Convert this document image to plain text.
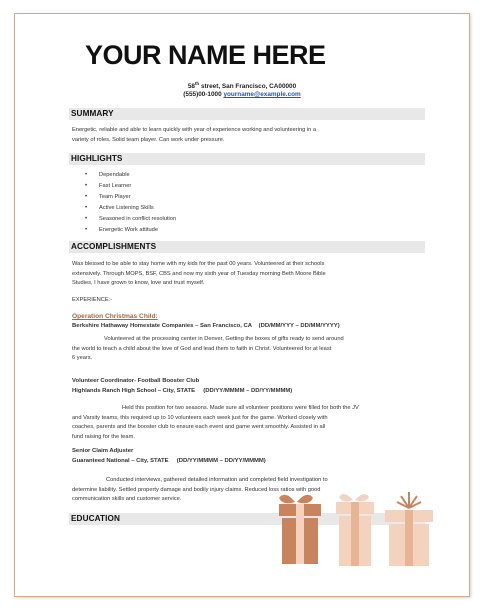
YOUR NAME HERE
58th street, San Francisco, CA00000
(555)00-1000 yourname@example.com
SUMMARY
Energetic, reliable and able to learn quickly with year of experience working and volunteering in a
variety of roles. Solid team player. Can work under pressure.
HIGHLIGHTS
• Dependable
• Fast Learner
• Team Player
• Active Listening Skills
• Seasoned in conflict resolution
• Energetic Work attitude
ACCOMPLISHMENTS
Was blessed to be able to stay home with my kids for the past 00 years. Volunteered at their schools
extensively. Through MOPS, BSF, CBS and now my sixth year of Tuesday morning Beth Moore Bible
Studies, I have grown to know, love and trust myself.
EXPERIENCE:-
Operation Christmas Child:
Berkshire Hathaway Homestate Companies – San Francisco, CA (DD/MM/YYY – DD/MM/YYYY)
Volunteered at the processing center in Denver, Getting the boxes of gifts ready to send around
the world to teach a child about the love of God and lead them to faith in Christ. Volunteered for at least
6 years.
Volunteer Coordinator- Football Booster Club
Highlands Ranch High School – City, STATE (DD/YY/MMMM – DD/YY/MMMM)
Held this position for two seasons. Made sure all volunteer positions were filled for both the JV
and Varsity teams, this required up to 10 volunteers each week just for the game. Worked closely with
coaches, parents and the booster club to ensure each event and game went smoothly. Assisted in all
fund raising for the team.
Senior Claim Adjuster
Guaranteed National – City, STATE (DD/YY/MMMM – DD/YY/MMMM)
Conducted interviews, gathered detailed information and completed field investigation to
determine liability. Settled property damage and bodily injury claims. Reduced loss ratios with good
communication skills and customer service.
EDUCATION
